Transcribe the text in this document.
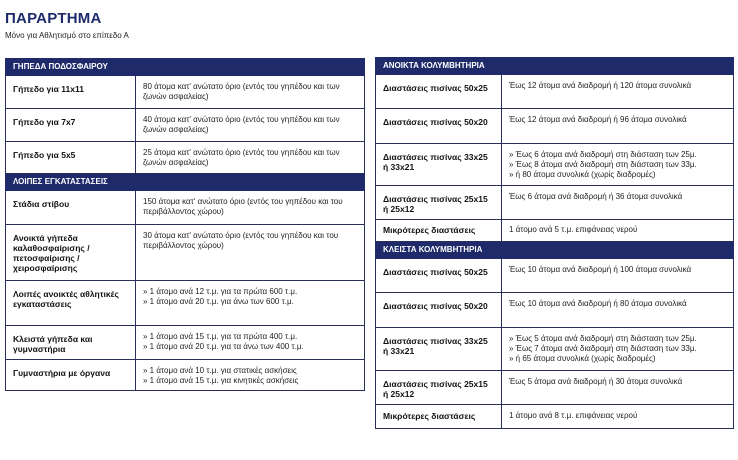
ΠΑΡΑΡΤΗΜΑ
Μόνο για Αθλητισμό στο επίπεδο Α
ΓΗΠΕΔΑ ΠΟΔΟΣΦΑΙΡΟΥ	
Γήπεδο για 11x11	80 άτομα κατ' ανώτατο όριο (εντός του γηπέδου και των ζωνών ασφαλείας)

Γήπεδο για 7x7	40 άτομα κατ' ανώτατο όριο (εντός του γηπέδου και των ζωνών ασφαλείας)

Γήπεδο για 5x5	25 άτομα κατ' ανώτατο όριο (εντός του γηπέδου και των ζωνών ασφαλείας)

ΛΟΙΠΕΣ ΕΓΚΑΤΑΣΤΑΣΕΙΣ	
Στάδια στίβου	150 άτομα κατ' ανώτατο όριο (εντός του γηπέδου και του περιβάλλοντος χώρου)

Ανοικτά γήπεδα καλαθοσφαίρισης / πετοσφαίρισης / χειροσφαίρισης	30 άτομα κατ' ανώτατο όριο (εντός του γηπέδου και του περιβάλλοντος χώρου)

Λοιπές ανοικτές αθλητικές εγκαταστάσεις	» 1 άτομο ανά 12 τ.μ. για τα πρώτα 600 τ.μ.
» 1 άτομο ανά 20 τ.μ. για άνω των 600 τ.μ.

Κλειστά γήπεδα και γυμναστήρια	» 1 άτομο ανά 15 τ.μ. για τα πρώτα 400 τ.μ.
» 1 άτομο ανά 20 τ.μ. για τα άνω των 400 τ.μ.

Γυμναστήρια με όργανα	» 1 άτομο ανά 10 τ.μ. για στατικές ασκήσεις
» 1 άτομο ανά 15 τ.μ. για κινητικές ασκήσεις
ΑΝΟΙΚΤΑ ΚΟΛΥΜΒΗΤΗΡΙΑ	
Διαστάσεις πισίνας 50x25	Έως 12 άτομα ανά διαδρομή ή 120 άτομα συνολικά

Διαστάσεις πισίνας 50x20	Έως 12 άτομα ανά διαδρομή ή 96 άτομα συνολικά

Διαστάσεις πισίνας 33x25 ή 33x21	» Έως 6 άτομα ανά διαδρομή στη διάσταση των 25μ.
» Έως 8 άτομα ανά διαδρομή στη διάσταση των 33μ.
» ή 80 άτομα συνολικά (χωρίς διαδρομές)

Διαστάσεις πισίνας 25x15 ή 25x12	Έως 6 άτομα ανά διαδρομή ή 36 άτομα συνολικά

Μικρότερες διαστάσεις	1 άτομο ανά 5 τ.μ. επιφάνειας νερού

ΚΛΕΙΣΤΑ ΚΟΛΥΜΒΗΤΗΡΙΑ	
Διαστάσεις πισίνας 50x25	Έως 10 άτομα ανά διαδρομή ή 100 άτομα συνολικά

Διαστάσεις πισίνας 50x20	Έως 10 άτομα ανά διαδρομή ή 80 άτομα συνολικά

Διαστάσεις πισίνας 33x25 ή 33x21	» Έως 5 άτομα ανά διαδρομή στη διάσταση των 25μ.
» Έως 7 άτομα ανά διαδρομή στη διάσταση των 33μ.
» ή 65 άτομα συνολικά (χωρίς διαδρομές)

Διαστάσεις πισίνας 25x15 ή 25x12	Έως 5 άτομα ανά διαδρομή ή 30 άτομα συνολικά

Μικρότερες διαστάσεις	1 άτομο ανά 8 τ.μ. επιφάνειας νερού
